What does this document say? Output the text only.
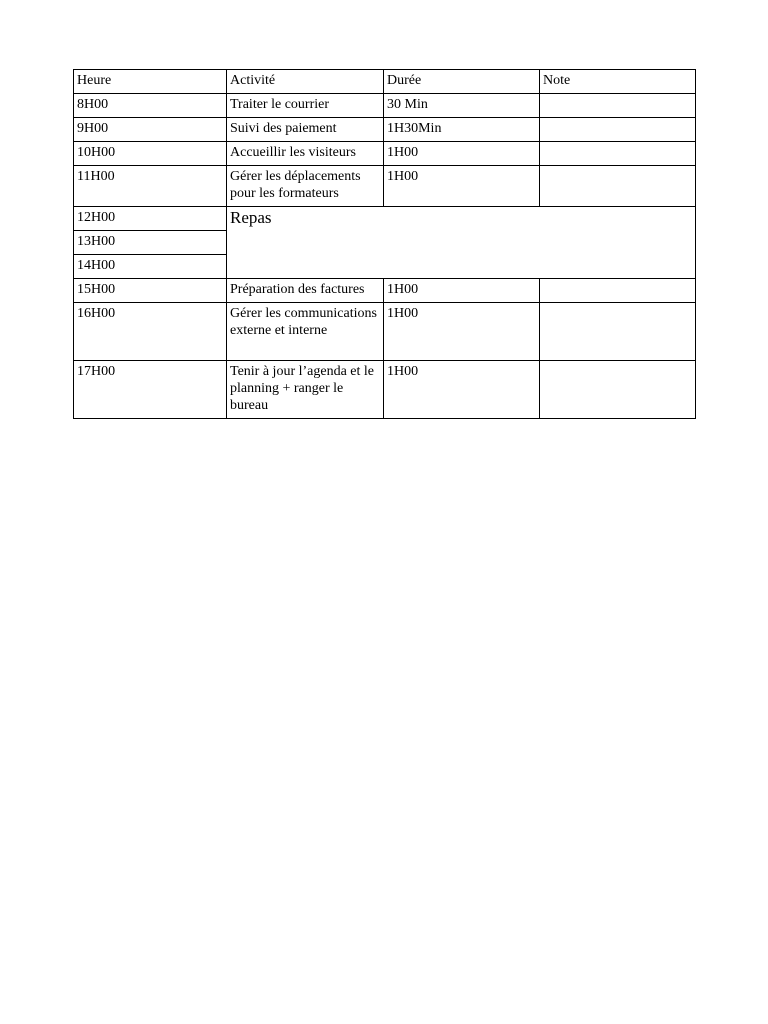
Heure	Activité	Durée	Note
8H00	Traiter le courrier	30 Min	
9H00	Suivi des paiement	1H30Min	
10H00	Accueillir les visiteurs	1H00	
11H00	Gérer les déplacements pour les formateurs	1H00	
12H00	Repas		
13H00			
14H00			
15H00	Préparation des factures	1H00	
16H00	Gérer les communications externe et interne	1H00	
17H00	Tenir à jour l’agenda et le planning + ranger le bureau	1H00	
